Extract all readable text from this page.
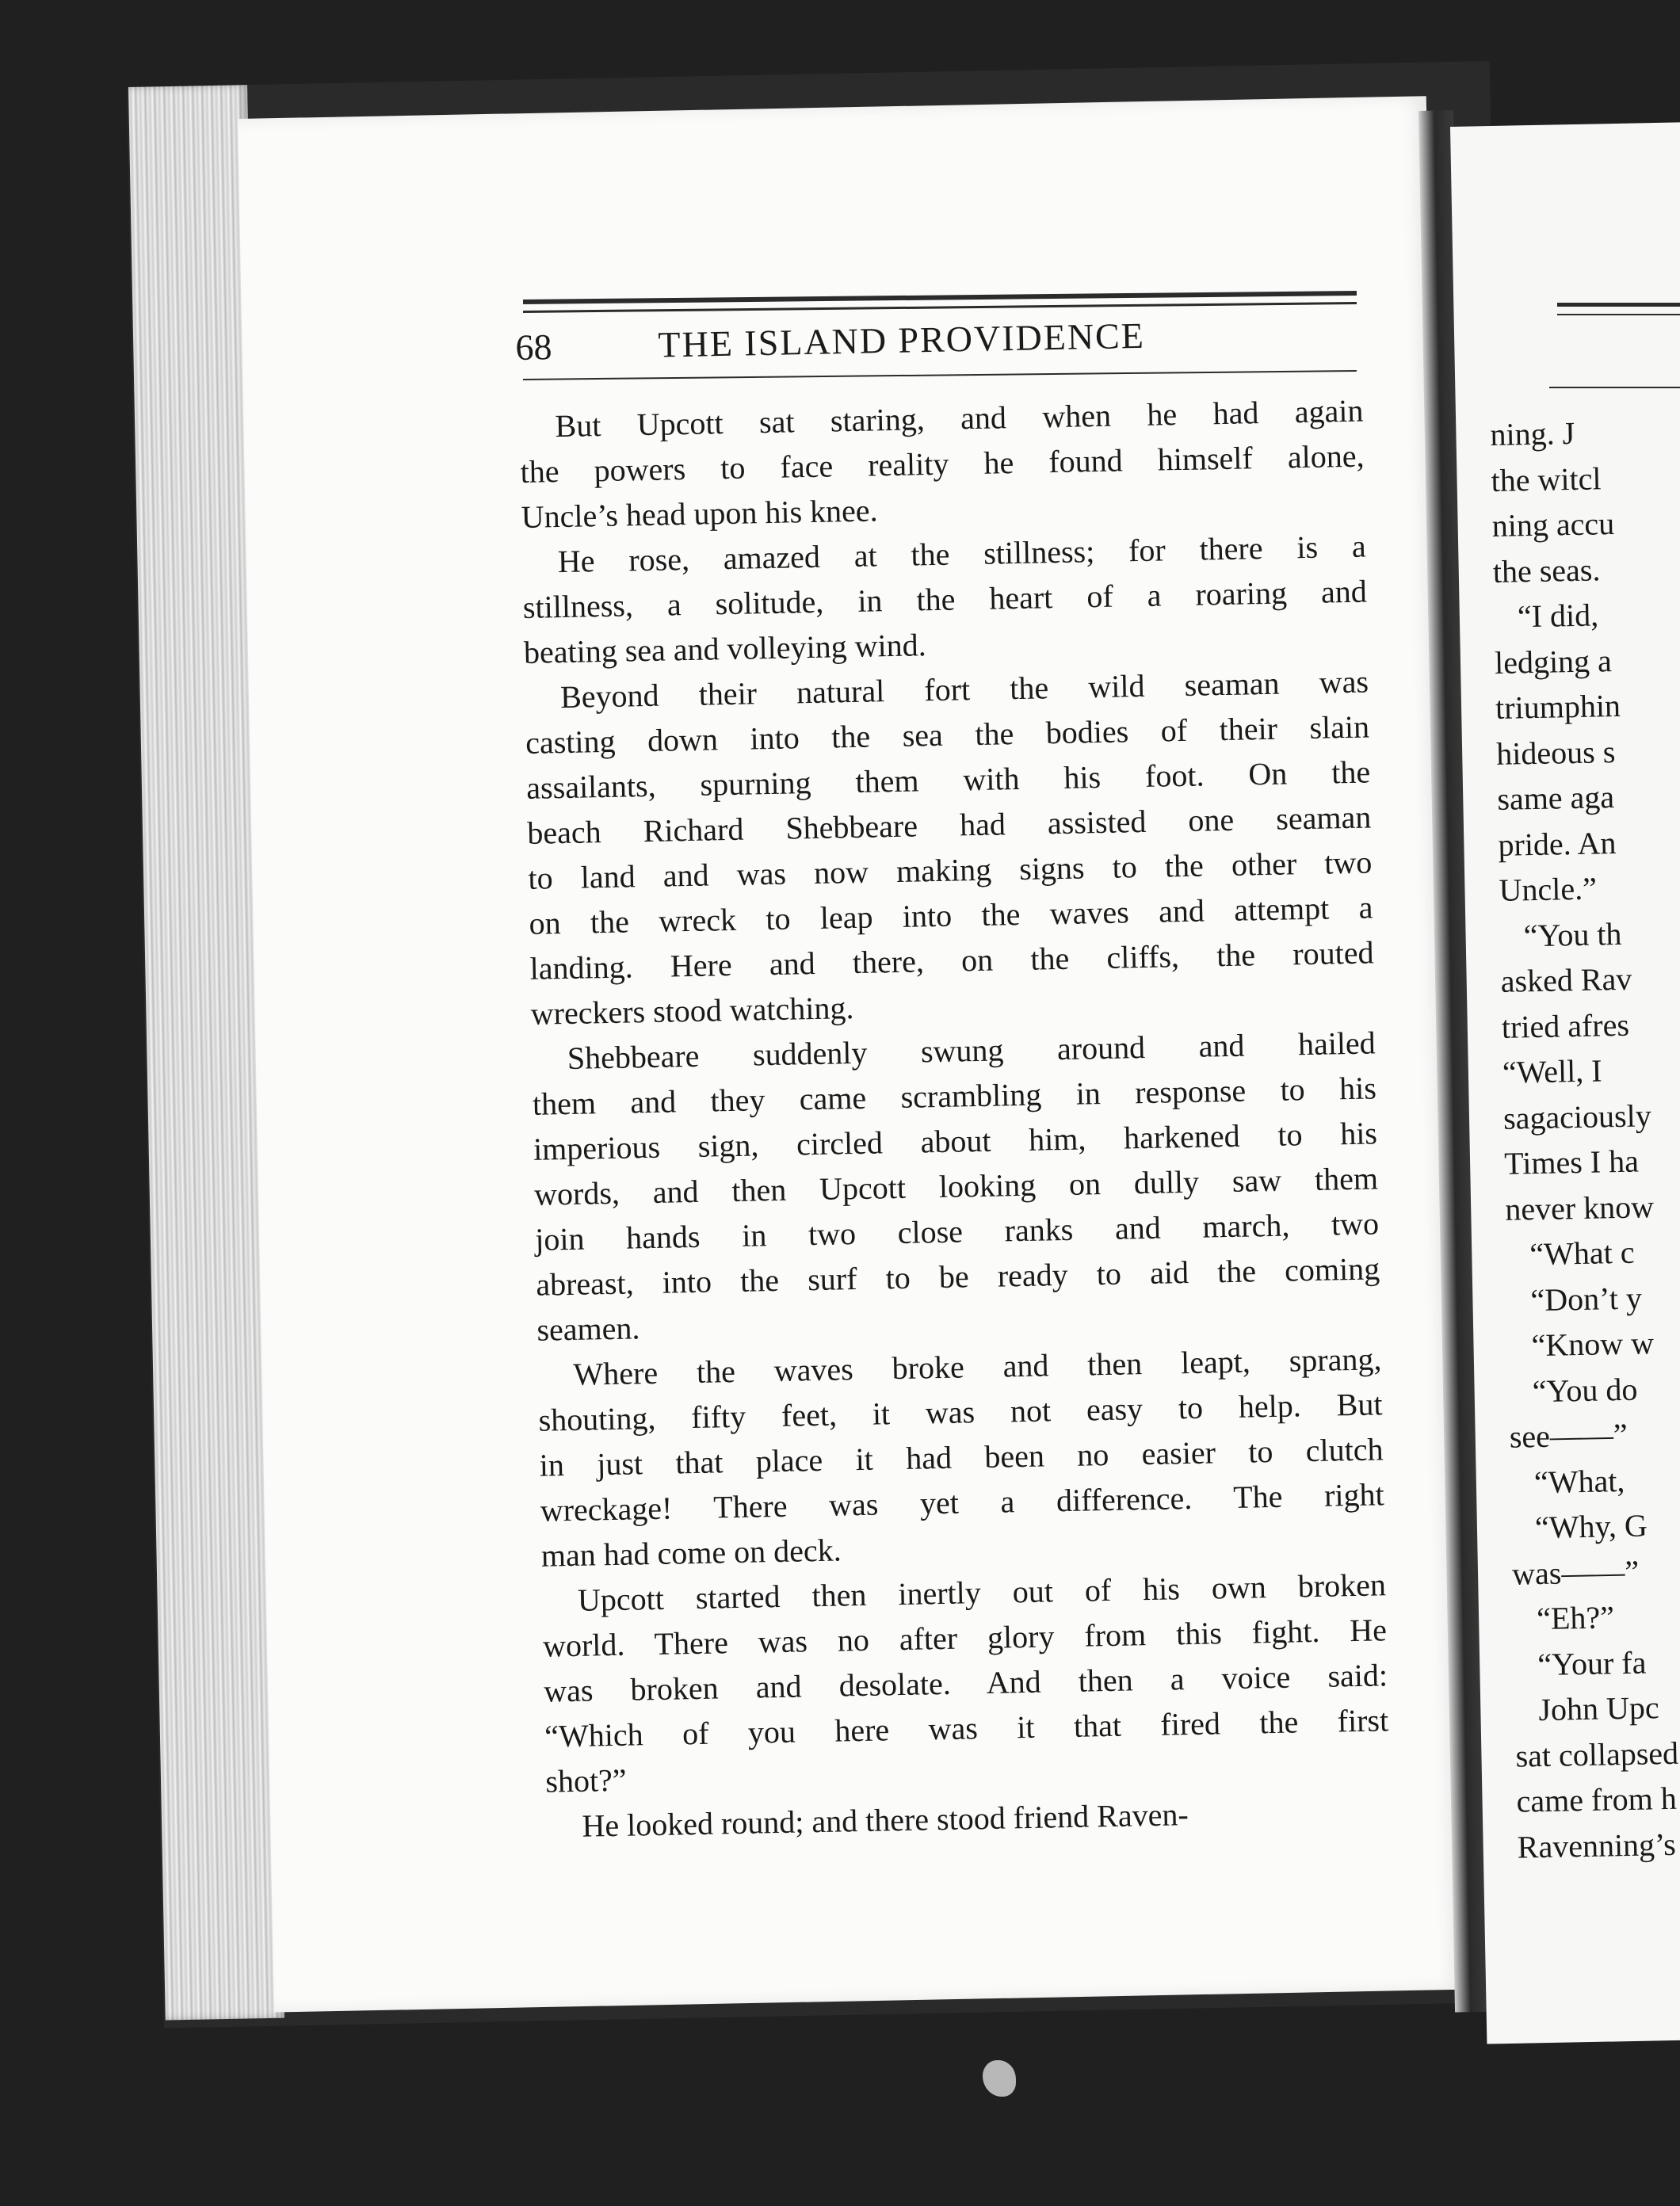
68	THE ISLAND PROVIDENCE

But Upcott sat staring, and when he had again

the powers to face reality he found himself alone,

Uncle’s head upon his knee.

He rose, amazed at the stillness; for there is a

stillness, a solitude, in the heart of a roaring and

beating sea and volleying wind.

Beyond their natural fort the wild seaman was

casting down into the sea the bodies of their slain

assailants, spurning them with his foot. On the

beach Richard Shebbeare had assisted one seaman

to land and was now making signs to the other two

on the wreck to leap into the waves and attempt a

landing. Here and there, on the cliffs, the routed

wreckers stood watching.

Shebbeare suddenly swung around and hailed

them and they came scrambling in response to his

imperious sign, circled about him, harkened to his

words, and then Upcott looking on dully saw them

join hands in two close ranks and march, two

abreast, into the surf to be ready to aid the coming

seamen.

Where the waves broke and then leapt, sprang,

shouting, fifty feet, it was not easy to help. But

in just that place it had been no easier to clutch

wreckage! There was yet a difference. The right

man had come on deck.

Upcott started then inertly out of his own broken

world. There was no after glory from this fight. He

was broken and desolate. And then a voice said:

“Which of you here was it that fired the first

shot?”

He looked round; and there stood friend Raven-

ning. J
the witcl
ning accu
the seas.
“I did,
ledging a
triumphin
hideous s
same aga
pride. An
Uncle.”
“You th
asked Rav
tried afres
“Well, I
sagaciously
Times I ha
never know
“What c
“Don’t y
“Know w
“You do
see——”
“What,
“Why, G
was——”
“Eh?”
“Your fa
John Upc
sat collapsed
came from h
Ravenning’s
